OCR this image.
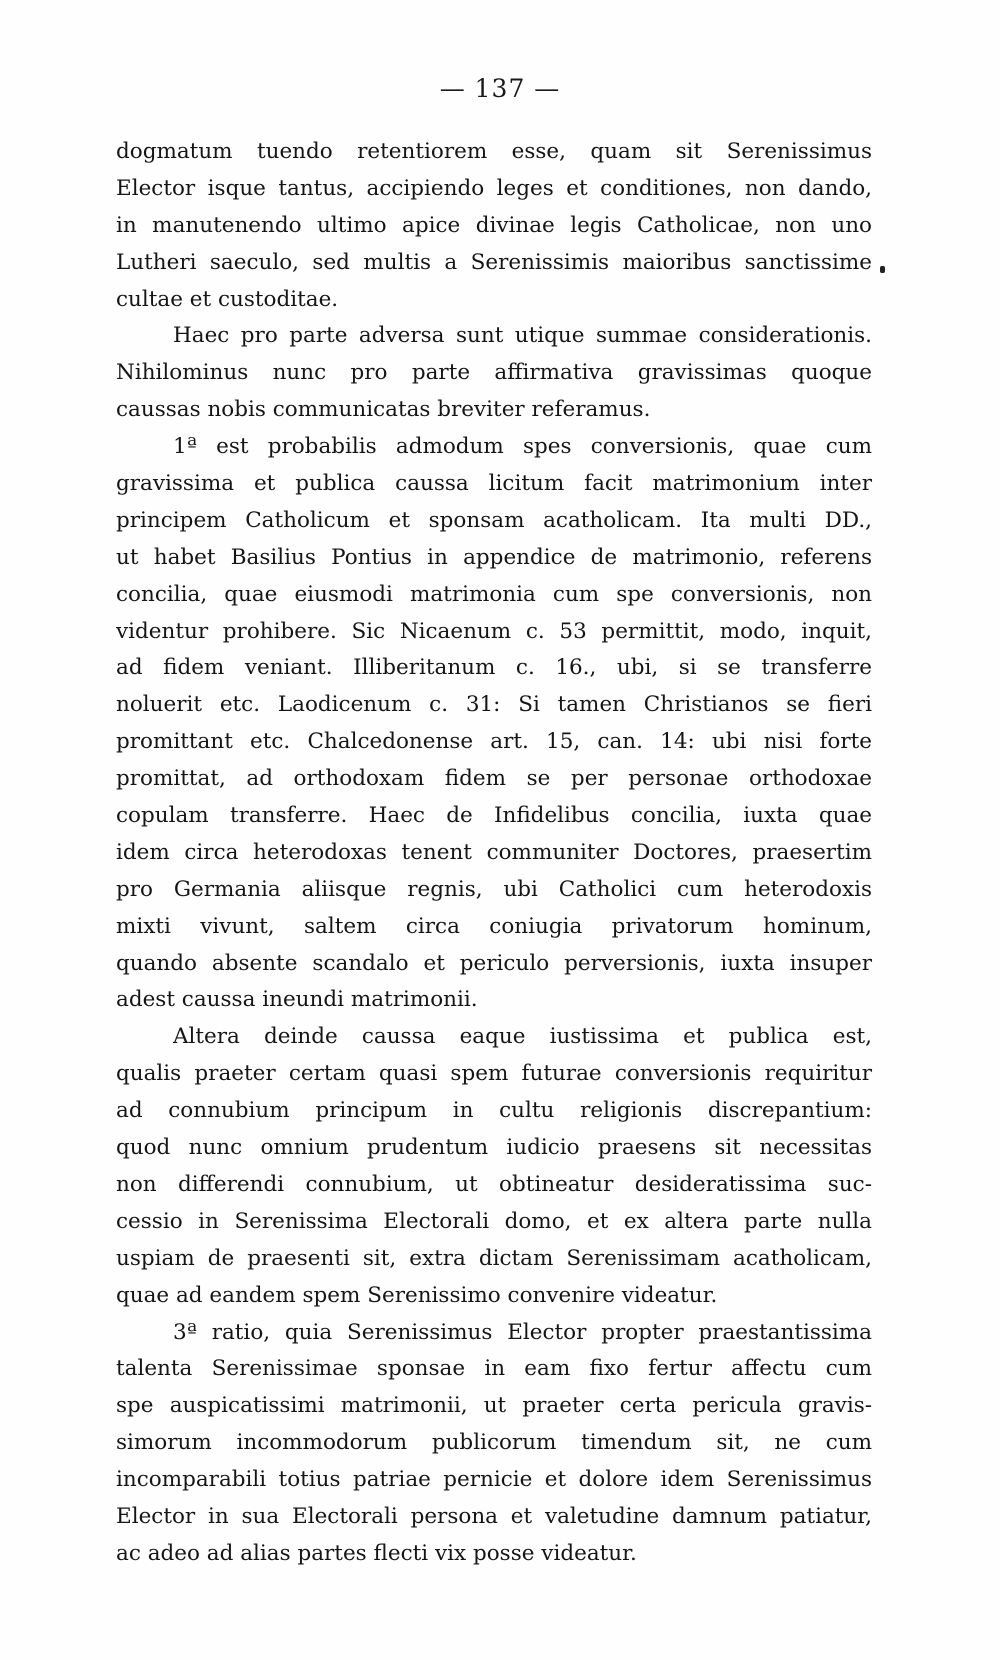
— 137 —
dogmatum tuendo retentiorem esse, quam sit Serenissimus
Elector isque tantus, accipiendo leges et conditiones, non dando,
in manutenendo ultimo apice divinae legis Catholicae, non uno
Lutheri saeculo, sed multis a Serenissimis maioribus sanctissime
cultae et custoditae.
Haec pro parte adversa sunt utique summae considerationis.
Nihilominus nunc pro parte affirmativa gravissimas quoque
caussas nobis communicatas breviter referamus.
1ª est probabilis admodum spes conversionis, quae cum
gravissima et publica caussa licitum facit matrimonium inter
principem Catholicum et sponsam acatholicam. Ita multi DD.,
ut habet Basilius Pontius in appendice de matrimonio, referens
concilia, quae eiusmodi matrimonia cum spe conversionis, non
videntur prohibere. Sic Nicaenum c. 53 permittit, modo, inquit,
ad fidem veniant. Illiberitanum c. 16., ubi, si se transferre
noluerit etc. Laodicenum c. 31: Si tamen Christianos se fieri
promittant etc. Chalcedonense art. 15, can. 14: ubi nisi forte
promittat, ad orthodoxam fidem se per personae orthodoxae
copulam transferre. Haec de Infidelibus concilia, iuxta quae
idem circa heterodoxas tenent communiter Doctores, praesertim
pro Germania aliisque regnis, ubi Catholici cum heterodoxis
mixti vivunt, saltem circa coniugia privatorum hominum,
quando absente scandalo et periculo perversionis, iuxta insuper
adest caussa ineundi matrimonii.
Altera deinde caussa eaque iustissima et publica est,
qualis praeter certam quasi spem futurae conversionis requiritur
ad connubium principum in cultu religionis discrepantium:
quod nunc omnium prudentum iudicio praesens sit necessitas
non differendi connubium, ut obtineatur desideratissima suc-
cessio in Serenissima Electorali domo, et ex altera parte nulla
uspiam de praesenti sit, extra dictam Serenissimam acatholicam,
quae ad eandem spem Serenissimo convenire videatur.
3ª ratio, quia Serenissimus Elector propter praestantissima
talenta Serenissimae sponsae in eam fixo fertur affectu cum
spe auspicatissimi matrimonii, ut praeter certa pericula gravis-
simorum incommodorum publicorum timendum sit, ne cum
incomparabili totius patriae pernicie et dolore idem Serenissimus
Elector in sua Electorali persona et valetudine damnum patiatur,
ac adeo ad alias partes flecti vix posse videatur.
